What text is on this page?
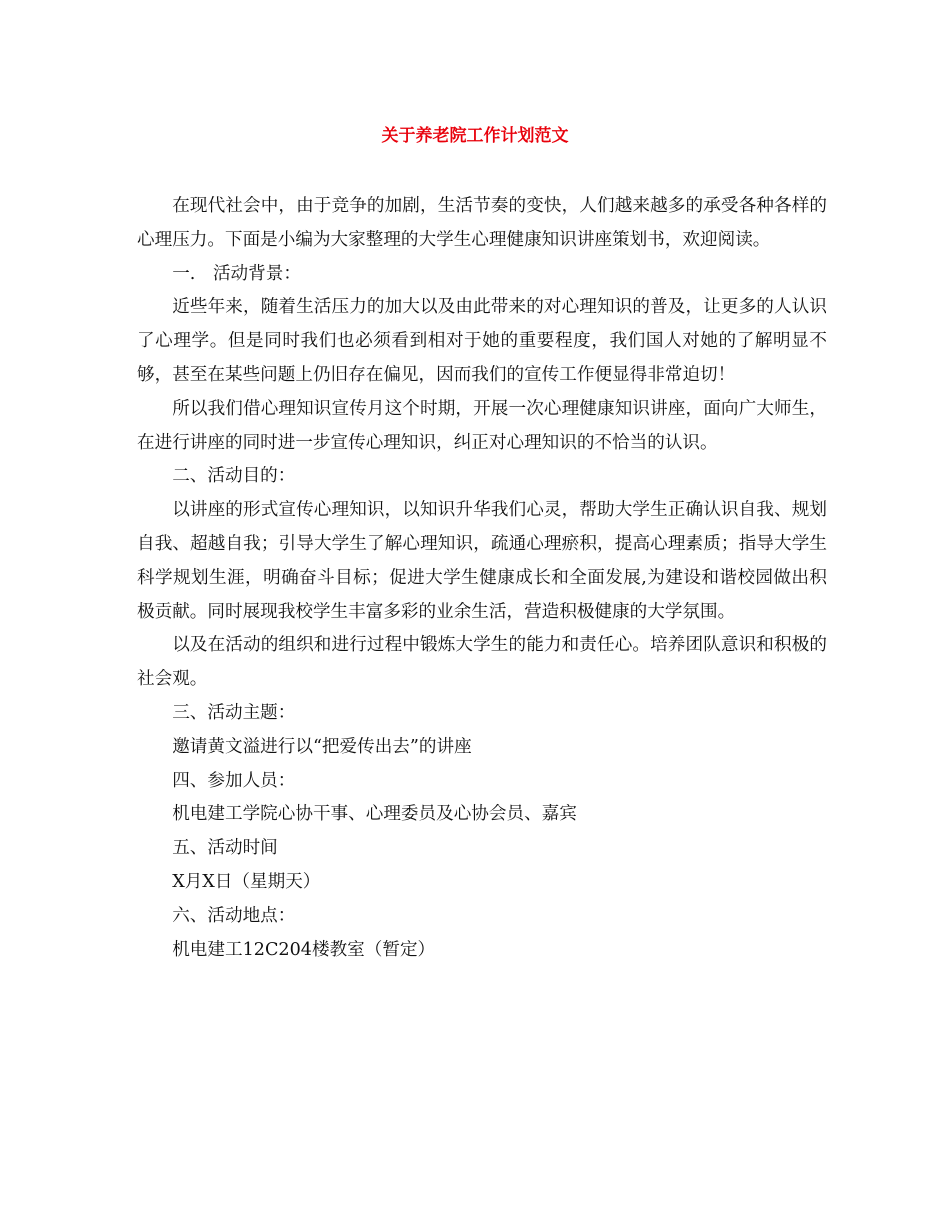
关于养老院工作计划范文

在现代社会中，由于竞争的加剧，生活节奏的变快，人们越来越多的承受各种各样的心理压力。下面是小编为大家整理的大学生心理健康知识讲座策划书，欢迎阅读。

一.　活动背景：

近些年来，随着生活压力的加大以及由此带来的对心理知识的普及，让更多的人认识了心理学。但是同时我们也必须看到相对于她的重要程度，我们国人对她的了解明显不够，甚至在某些问题上仍旧存在偏见，因而我们的宣传工作便显得非常迫切！

所以我们借心理知识宣传月这个时期，开展一次心理健康知识讲座，面向广大师生，在进行讲座的同时进一步宣传心理知识，纠正对心理知识的不恰当的认识。

二、活动目的：

以讲座的形式宣传心理知识，以知识升华我们心灵，帮助大学生正确认识自我、规划自我、超越自我；引导大学生了解心理知识，疏通心理瘀积，提高心理素质；指导大学生科学规划生涯，明确奋斗目标；促进大学生健康成长和全面发展,为建设和谐校园做出积极贡献。同时展现我校学生丰富多彩的业余生活，营造积极健康的大学氛围。

以及在活动的组织和进行过程中锻炼大学生的能力和责任心。培养团队意识和积极的社会观。

三、活动主题：

邀请黄文溢进行以“把爱传出去”的讲座

四、参加人员：

机电建工学院心协干事、心理委员及心协会员、嘉宾

五、活动时间

X月X日（星期天）

六、活动地点：

机电建工12C204楼教室（暂定）
